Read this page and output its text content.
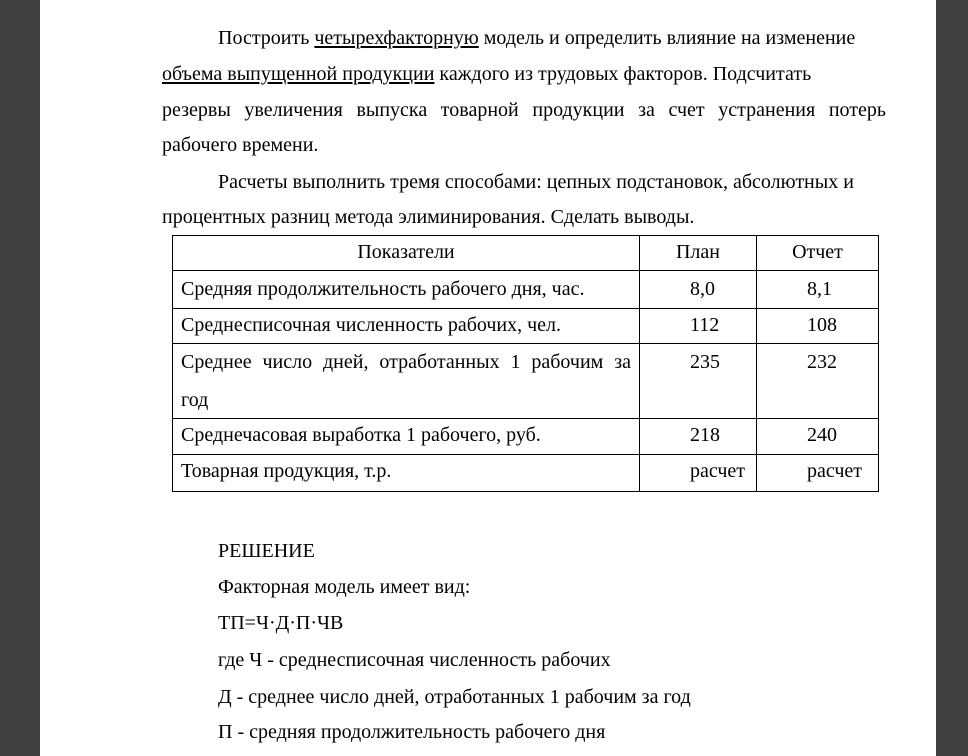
Построить четырехфакторную модель и определить влияние на изменение
объема выпущенной продукции каждого из трудовых факторов. Подсчитать
резервы увеличения выпуска товарной продукции за счет устранения потерь
рабочего времени.
Расчеты выполнить тремя способами: цепных подстановок, абсолютных и
процентных разниц метода элиминирования. Сделать выводы.
Показатели	План	Отчет
Средняя продолжительность рабочего дня, час.	8,0	8,1
Среднесписочная численность рабочих, чел.	112	108

Среднее число дней, отработанных 1 рабочим за
год	235	232
Среднечасовая выработка 1 рабочего, руб.	218	240
Товарная продукция, т.р.	расчет	расчет
РЕШЕНИЕ
Факторная модель имеет вид:
ТП=Ч·Д·П·ЧВ
где Ч - среднесписочная численность рабочих
Д - среднее число дней, отработанных 1 рабочим за год
П - средняя продолжительность рабочего дня
